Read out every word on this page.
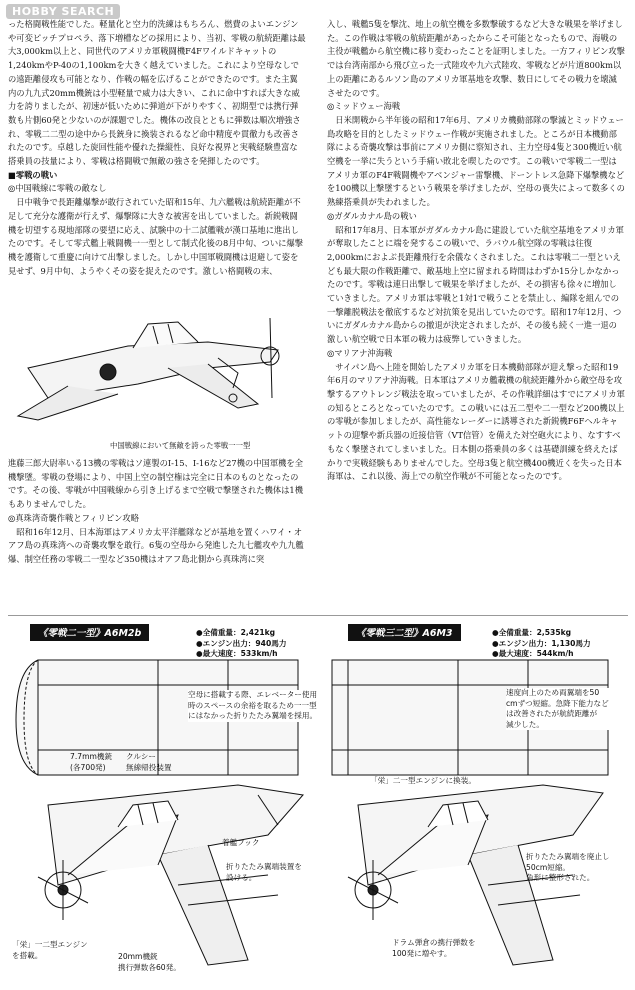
HOBBY SEARCH

った格闘戦性能でした。軽量化と空力的洗練はもちろん、燃費のよいエンジンや可変ピッチプロペラ、落下増槽などの採用により、当初、零戦の航続距離は最大3,000km以上と、同世代のアメリカ軍戦闘機F4Fワイルドキャットの1,240kmやP-40の1,100kmを大きく越えていました。これにより空母なしでの遠距離侵攻も可能となり、作戦の幅を広げることができたのです。また主翼内の九九式20mm機銃は小型軽量で威力は大きい、これに命中すれば大きな威力を誇りましたが、初速が低いために弾道が下がりやすく、初期型では携行弾数も片側60発と少ないのが課題でした。機体の改良とともに弾数は順次増強され、零戦二二型の途中から長銃身に換装されるなど命中精度や貫徹力も改善されたのです。卓越した旋回性能や優れた操縦性、良好な視界と実戦経験豊富な搭乗員の技量により、零戦は格闘戦で無敵の強さを発揮したのです。

■零戦の戦い
◎中国戦線に零戦の敵なし

日中戦争で長距離爆撃が敢行されていた昭和15年、九六艦戦は航続距離が不足して充分な護衛が行えず、爆撃隊に大きな被害を出していました。新鋭戦闘機を切望する現地部隊の要望に応え、試験中の十二試艦戦が漢口基地に進出したのです。そして零式艦上戦闘機一一型として制式化後の8月中旬、ついに爆撃機を護衛して重慶に向けて出撃しました。しかし中国軍戦闘機は退避して姿を見せず、9月中旬、ようやくその姿を捉えたのです。激しい格闘戦の末、

中国戦線において無敵を誇った零戦一一型

進藤三郎大尉率いる13機の零戦はソ連製のI-15、I-16など27機の中国軍機を全機撃墜。零戦の登場により、中国上空の制空権は完全に日本のものとなったのです。その後、零戦が中国戦線から引き上げるまで空戦で撃墜された機体は1機もありませんでした。

◎真珠湾奇襲作戦とフィリピン攻略

昭和16年12月、日本海軍はアメリカ太平洋艦隊などが基地を置くハワイ・オアフ島の真珠湾への奇襲攻撃を敢行。6隻の空母から発進した九七艦攻や九九艦爆、制空任務の零戦二一型など350機はオアフ島北側から真珠湾に突

入し、戦艦5隻を撃沈、地上の航空機を多数撃破するなど大きな戦果を挙げました。この作戦は零戦の航続距離があったからこそ可能となったもので、海戦の主役が戦艦から航空機に移り変わったことを証明しました。一方フィリピン攻撃では台湾南部から飛び立った一式陸攻や九六式陸攻、零戦などが片道800km以上の距離にあるルソン島のアメリカ軍基地を攻撃、数日にしてその戦力を壊滅させたのです。

◎ミッドウェー海戦

日米開戦から半年後の昭和17年6月、アメリカ機動部隊の撃滅とミッドウェー島攻略を目的としたミッドウェー作戦が実施されました。ところが日本機動部隊による奇襲攻撃は事前にアメリカ側に察知され、主力空母4隻と300機近い航空機を一挙に失うという手痛い敗北を喫したのです。この戦いで零戦二一型はアメリカ軍のF4F戦闘機やアベンジャー雷撃機、ドーントレス急降下爆撃機などを100機以上撃墜するという戦果を挙げましたが、空母の喪失によって数多くの熟練搭乗員が失われました。

◎ガダルカナル島の戦い

昭和17年8月、日本軍がガダルカナル島に建設していた航空基地をアメリカ軍が奪取したことに端を発するこの戦いで、ラバウル航空隊の零戦は往復2,000kmにおよぶ長距離飛行を余儀なくされました。これは零戦二一型といえども最大限の作戦距離で、敵基地上空に留まれる時間はわずか15分しかなかったのです。零戦は連日出撃して戦果を挙げましたが、その損害も徐々に増加していきました。アメリカ軍は零戦と1対1で戦うことを禁止し、編隊を組んでの一撃離脱戦法を徹底するなど対抗策を見出していたのです。昭和17年12月、ついにガダルカナル島からの撤退が決定されましたが、その後も続く一進一退の激しい航空戦で日本軍の戦力は疲弊していきました。

◎マリアナ沖海戦

サイパン島へ上陸を開始したアメリカ軍を日本機動部隊が迎え撃った昭和19年6月のマリアナ沖海戦。日本軍はアメリカ艦載機の航続距離外から敵空母を攻撃するアウトレンジ戦法を取っていましたが、その作戦詳細はすでにアメリカ軍の知るところとなっていたのです。この戦いには五二型や二一型など200機以上の零戦が参加しましたが、高性能なレーダーに誘導された新鋭機F6Fヘルキャットの迎撃や新兵器の近接信管（VT信管）を備えた対空砲火により、なすすべもなく撃墜されてしまいました。日本側の搭乗員の多くは基礎訓練を終えたばかりで実戦経験もありませんでした。空母3隻と航空機400機近くを失った日本海軍は、これ以後、海上での航空作戦が不可能となったのです。

《零戦二一型》A6M2b	●全備重量：2,421kg
●エンジン出力：940馬力
●最大速度：533km/h
空母に搭載する際、エレベーター使用時のスペースの余裕を取るため一一型にはなかった折りたたみ翼端を採用。
7.7mm機銃
(各700発)
クルシー
無線帰投装置
着艦フック
折りたたみ翼端装置を
設ける。
「栄」一二型エンジン
を搭載。	20mm機銃
携行弾数各60発。
《零戦三二型》A6M3	●全備重量：2,535kg
●エンジン出力：1,130馬力
●最大速度：544km/h
速度向上のため両翼端を50
cmずつ短縮。急降下能力など
は改善されたが航続距離が
減少した。
「栄」二一型エンジンに換装。
折りたたみ翼端を廃止し
50cm短縮。
角形に整形された。
ドラム弾倉の携行弾数を
100発に増やす。
